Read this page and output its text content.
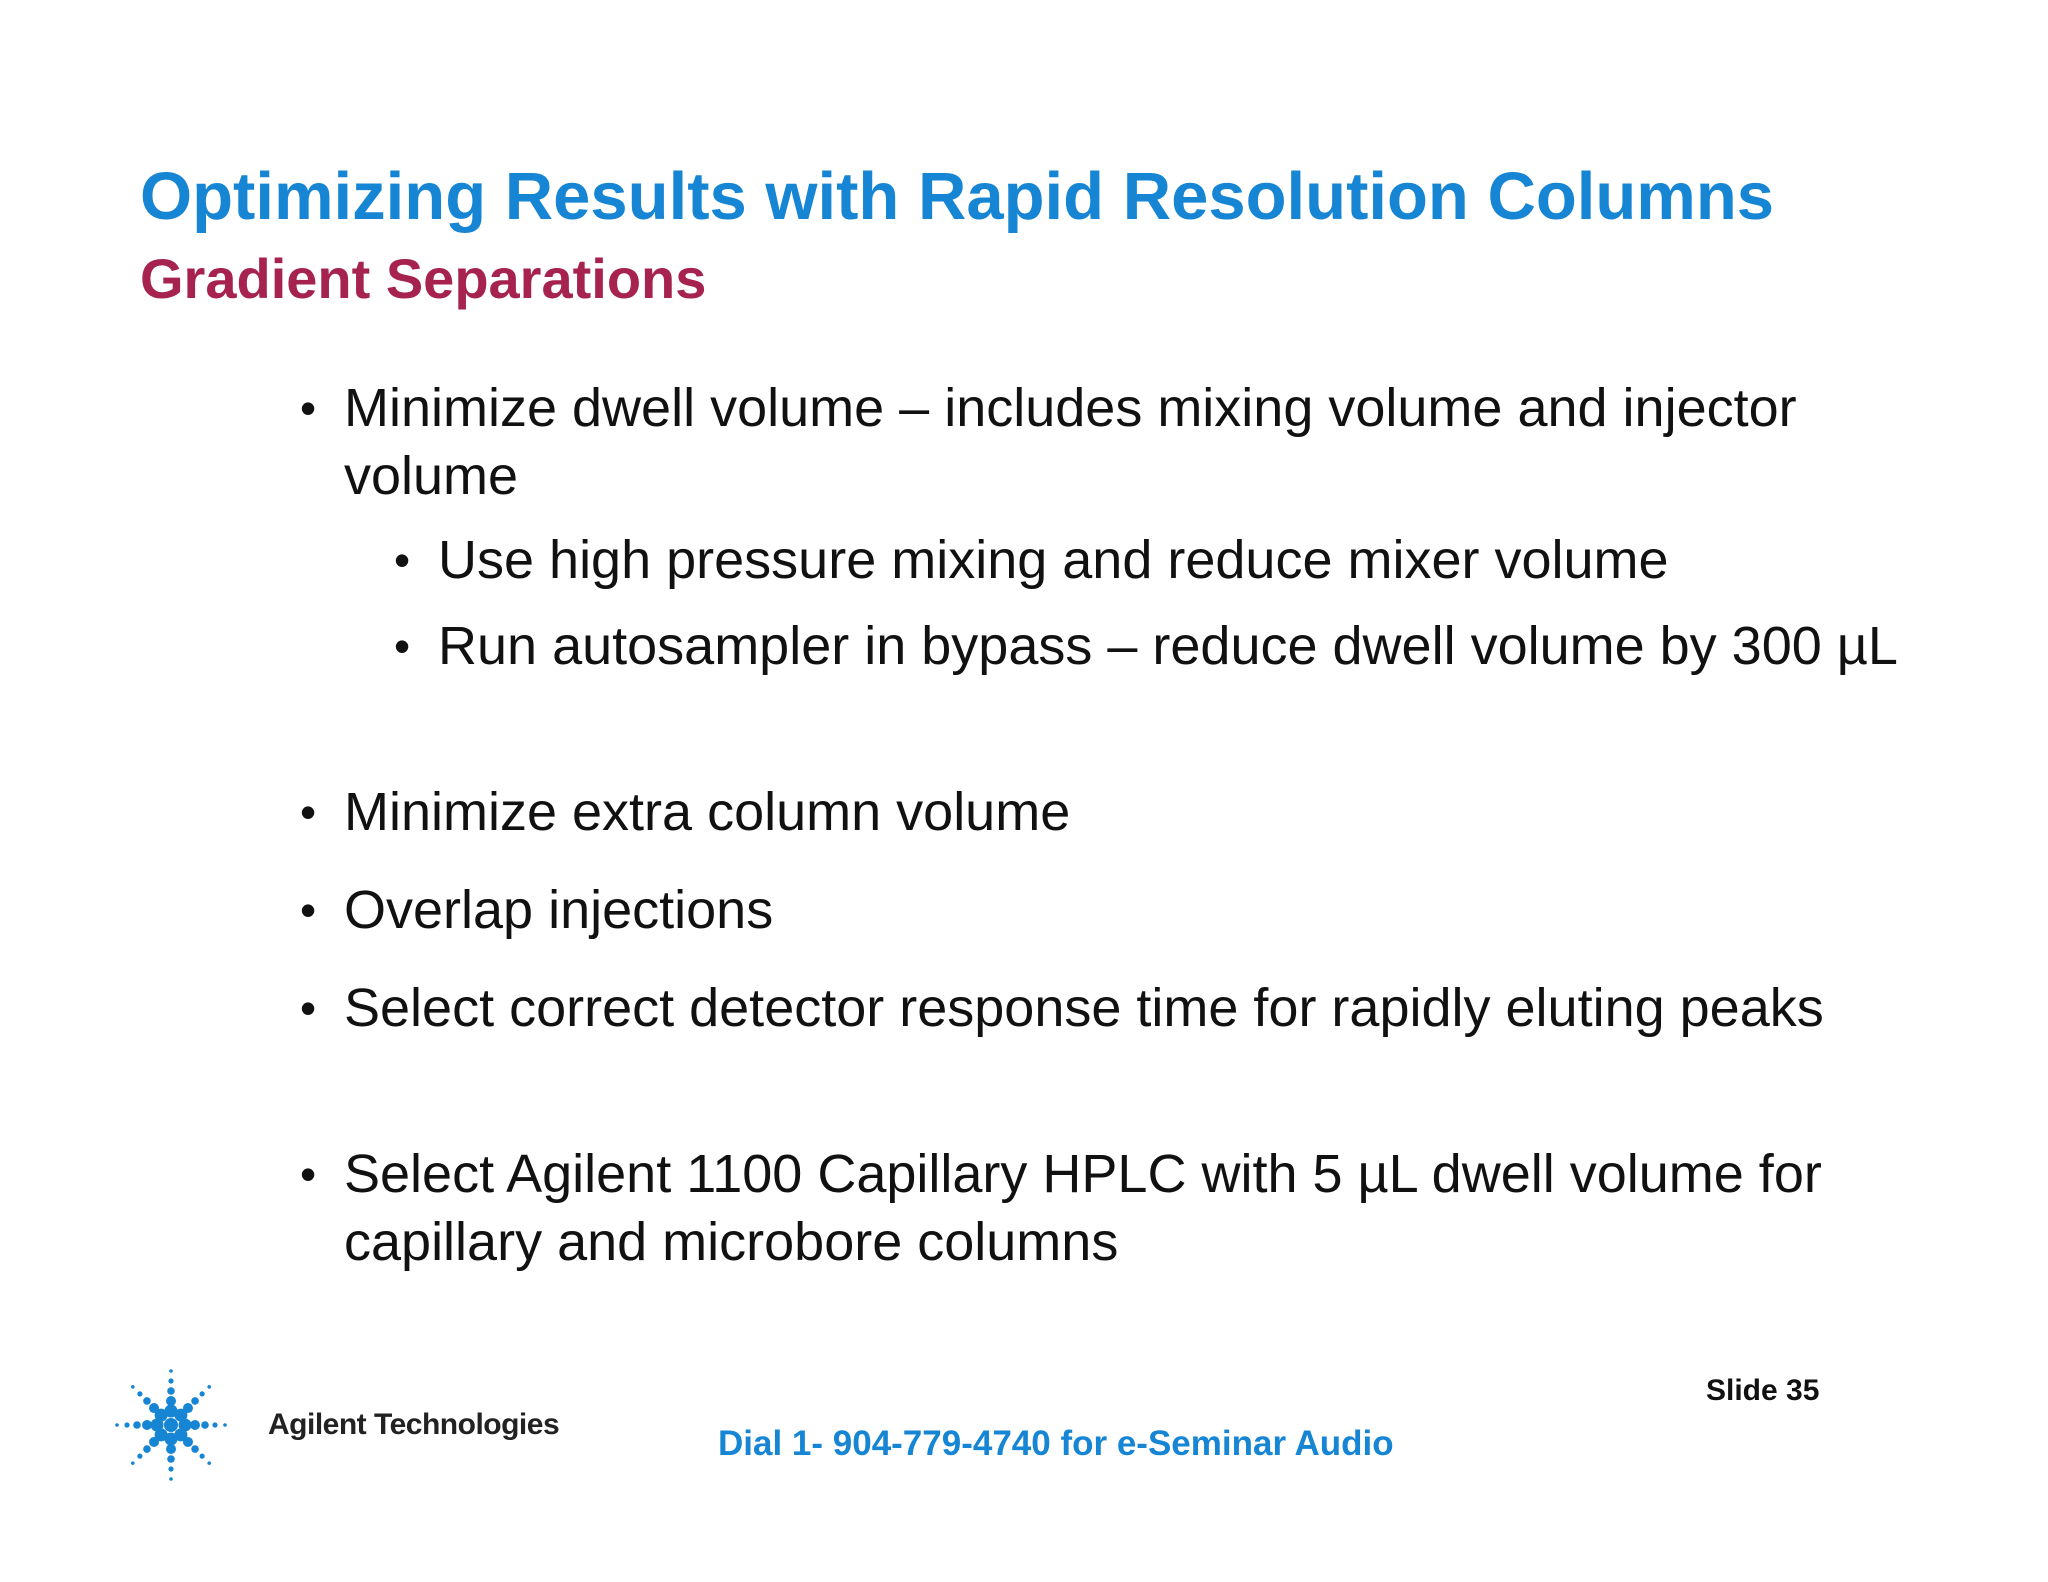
Optimizing Results with Rapid Resolution Columns
Gradient Separations
• Minimize dwell volume – includes mixing volume and injector volume
• Use high pressure mixing and reduce mixer volume
• Run autosampler in bypass – reduce dwell volume by 300 µL
• Minimize extra column volume
• Overlap injections
• Select correct detector response time for rapidly eluting peaks
• Select Agilent 1100 Capillary HPLC with 5 µL dwell volume for capillary and microbore columns
Agilent Technologies	Dial 1- 904-779-4740 for e-Seminar Audio
Slide 35
